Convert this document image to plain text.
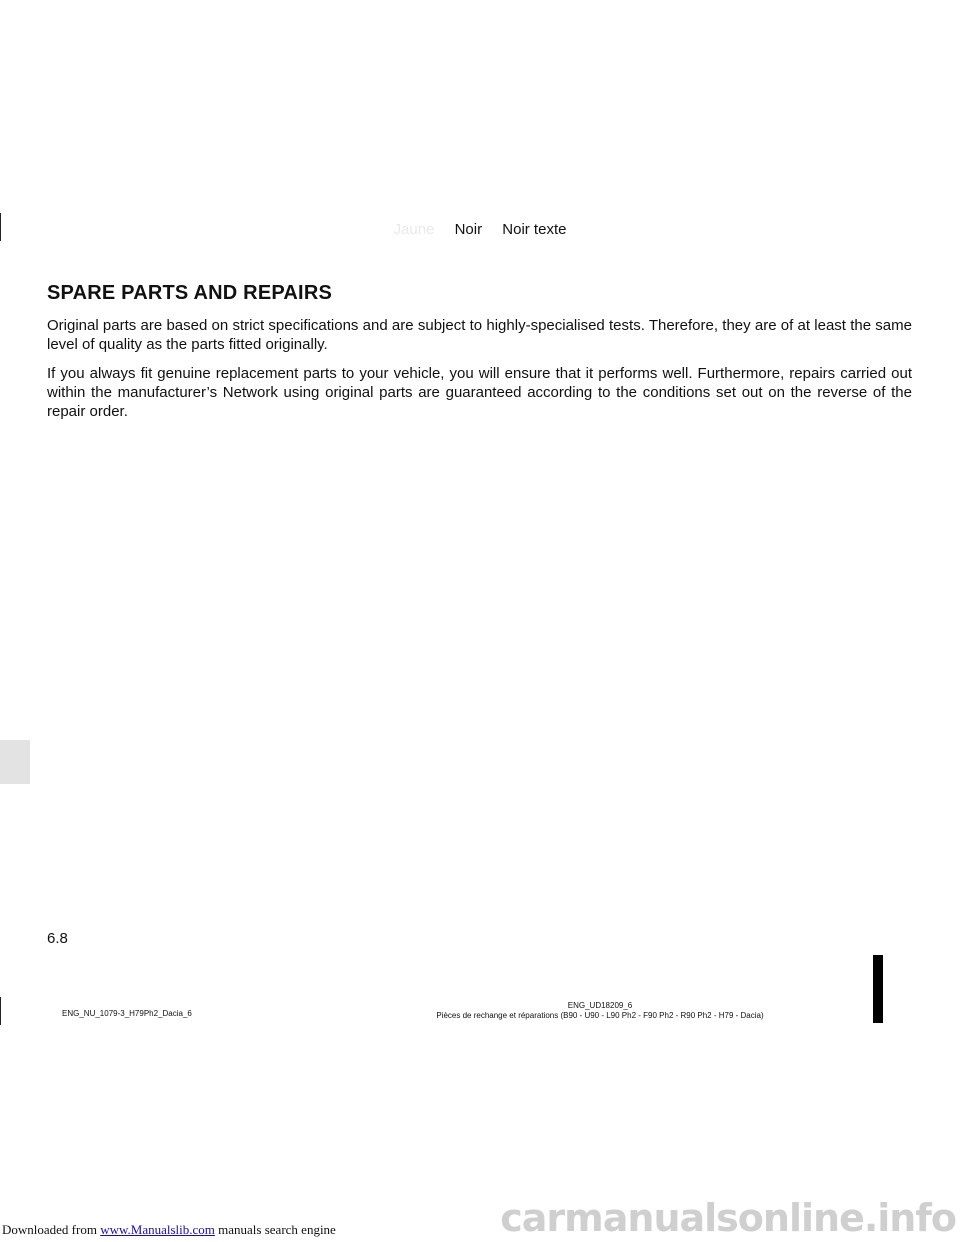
Jaune Noir Noir texte
SPARE PARTS AND REPAIRS

Original parts are based on strict specifications and are subject to highly-specialised tests. Therefore, they are of at least the same level of quality as the parts fitted originally.

If you always fit genuine replacement parts to your vehicle, you will ensure that it performs well. Furthermore, repairs carried out within the manufacturer’s Network using original parts are guaranteed according to the conditions set out on the reverse of the repair order.

6.8
ENG_NU_1079-3_H79Ph2_Dacia_6
ENG_UD18209_6
Pièces de rechange et réparations (B90 - U90 - L90 Ph2 - F90 Ph2 - R90 Ph2 - H79 - Dacia)
Downloaded from www.Manualslib.com manuals search engine	carmanualsonline.info
